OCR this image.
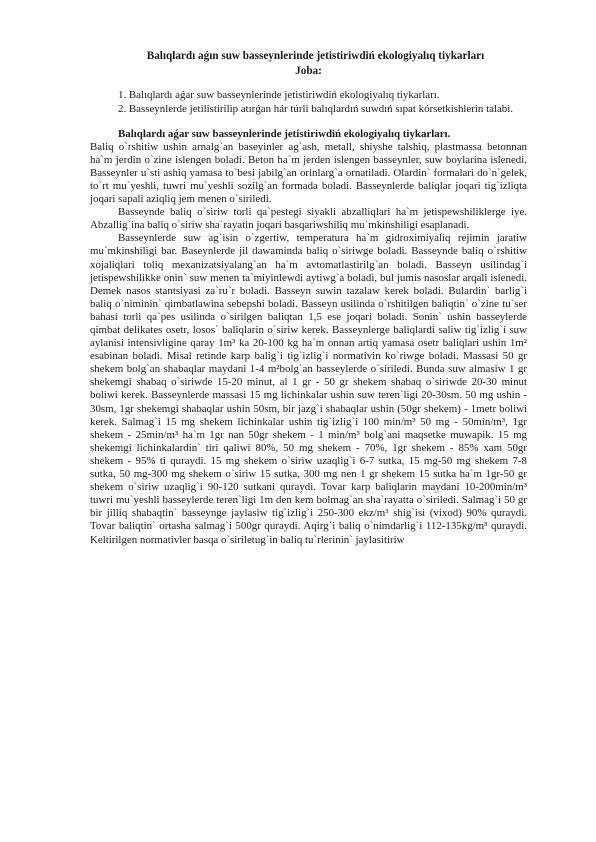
Balıqlardı aǵın suw basseynlerinde jetistiriwdiń ekologiyalıq tiykarları

Joba:

1. Balıqlardı aǵar suw basseynlerinde jetistiriwdiń ekologiyalıq tiykarları.

2. Basseynlerde jetilistirilip atırǵan hár túrli balıqlardıń suwdıń sıpat kórsetkishlerin talabi.

Balıqlardı aǵar suw basseynlerinde jetistiriwdiń ekologiyalıq tiykarları.

Baliq o`rshitiw ushin arnalg`an baseyinler ag`ash, metall, shiyshe talshiq, plastmassa betonnan ha`m jerdin o`zine islengen boladi. Beton ha`m jerden islengen basseynler, suw boylarina islenedi. Basseynler u`sti ashiq yamasa to`besi jabilg`an orinlarg`a ornatiladi. Olardin` formalari do`n`gelek, to`rt mu`yeshli, tuwri mu`yeshli sozilg`an formada boladi. Basseynlerde baliqlar joqari tig`izliqta joqari sapali aziqliq jem menen o`siriledi.

Basseynde baliq o`siriw torli qa`pestegi siyakli abzalliqlari ha`m jetispewshiliklerge iye. Abzallig`ina baliq o`siriw sha`rayatin joqari basqariwshiliq mu`mkinshiligi esaplanadi.

Basseynlerde suw ag`isin o`zgertiw, temperatura ha`m gidroximiyaliq rejimin jaratiw mu`mkinshiligi bar. Baseynlerde jil dawaminda baliq o`siriwge boladi. Basseynde baliq o`rshitiw xojaliqlari toliq mexanizatsiyalang`an ha`m avtomatlastirilg`an boladi. Basseyn usilindag`i jetispewshilikke onin` suw menen ta`miyinlewdi aytiwg`a boladi, bul jumis nasoslar arqali islenedi. Demek nasos stantsiyasi za`ru`r boladi. Basseyn suwin tazalaw kerek boladi. Bulardin` barlig`i baliq o`niminin` qimbatlawina sebepshi boladi. Basseyn usilinda o`rshitilgen baliqtin` o`zine tu`ser bahasi torli qa`pes usilinda o`sirilgen baliqtan 1,5 ese joqari boladi. Sonin` ushin basseylerde qimbat delikates osetr, losos` baliqlarin o`siriw kerek. Basseynlerge baliqlardi saliw tig`izlig`i suw aylanisi intensivligine qaray 1m³ ka 20-100 kg ha`m onnan artiq yamasa osetr baliqlari ushin 1m² esabinan boladi. Misal retinde karp balig`i tig`izlig`i normativin ko`riwge boladi. Massasi 50 gr shekem bolg`an shabaqlar maydani 1-4 m²bolg`an basseylerde o`siriledi. Bunda suw almasiw 1 gr shekemgi shabaq o`siriwde 15-20 minut, al 1 gr - 50 gr shekem shabaq o`siriwde 20-30 minut boliwi kerek. Basseynlerde massasi 15 mg lichinkalar ushin suw teren`ligi 20-30sm. 50 mg ushin - 30sm, 1gr shekemgi shabaqlar ushin 50sm, bir jazg`i shabaqlar ushin (50gr shekem) - 1metr boliwi kerek. Salmag`i 15 mg shekem lichinkalar ushin tig`izlig`i 100 min/m³ 50 mg - 50min/m³, 1gr shekem - 25min/m³ ha`m 1gr nan 50gr shekem - 1 min/m³ bolg`ani maqsetke muwapik. 15 mg shekemgi lichinkalardin` tiri qaliwi 80%, 50 mg shekem - 70%, 1gr shekem - 85% xam 50gr shekem - 95% ti quraydi. 15 mg shekem o`siriw uzaqlig`i 6-7 sutka, 15 mg-50 mg shekem 7-8 sutka, 50 mg-300 mg shekem o`siriw 15 sutka, 300 mg nen 1 gr shekem 15 sutka ha`m 1gr-50 gr shekem o`siriw uzaqlig`i 90-120 sutkani quraydi. Tovar karp baliqlarin maydani 10-200min/m³ tuwri mu`yeshli basseylerde teren`ligi 1m den kem bolmag`an sha`rayatta o`siriledi. Salmag`i 50 gr bir jilliq shabaqtin` basseynge jaylasiw tig`izlig`i 250-300 ekz/m³ shig`isi (vixod) 90% quraydi. Tovar baliqtin` ortasha salmag`i 500gr quraydi. Aqirg`i baliq o`nimdarlig`i 112-135kg/m³ quraydi. Keltirilgen normativler basqa o`siriletug`in baliq tu`rlerinin` jaylasitiriw
